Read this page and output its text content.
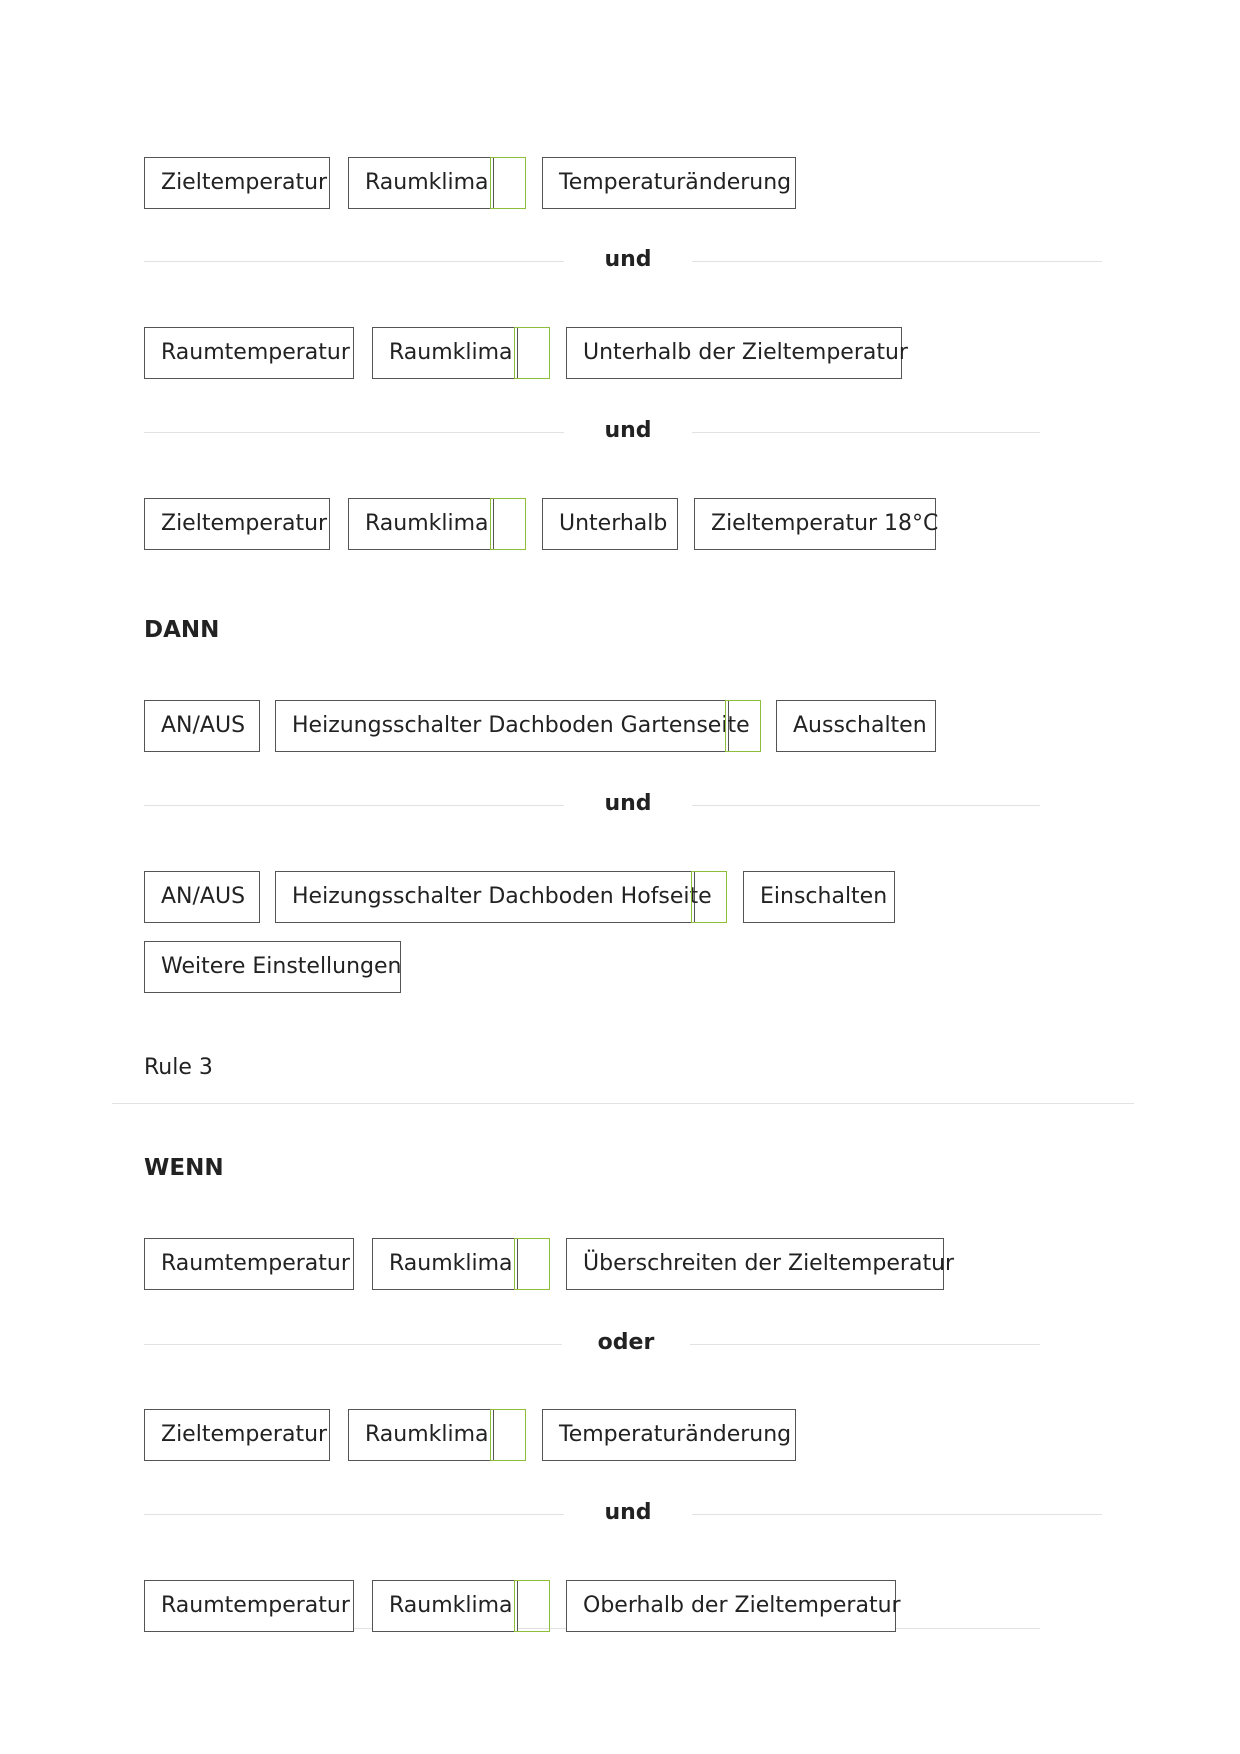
Zieltemperatur	Raumklima	Temperaturänderung
und
Raumtemperatur	Raumklima	Unterhalb der Zieltemperatur
und
Zieltemperatur	Raumklima	Unterhalb	Zieltemperatur 18°C
DANN
AN/AUS	Heizungsschalter Dachboden Gartenseite	Ausschalten
und
AN/AUS	Heizungsschalter Dachboden Hofseite	Einschalten
Weitere Einstellungen
Rule 3
WENN
Raumtemperatur	Raumklima	Überschreiten der Zieltemperatur
oder
Zieltemperatur	Raumklima	Temperaturänderung
und
Raumtemperatur	Raumklima	Oberhalb der Zieltemperatur
